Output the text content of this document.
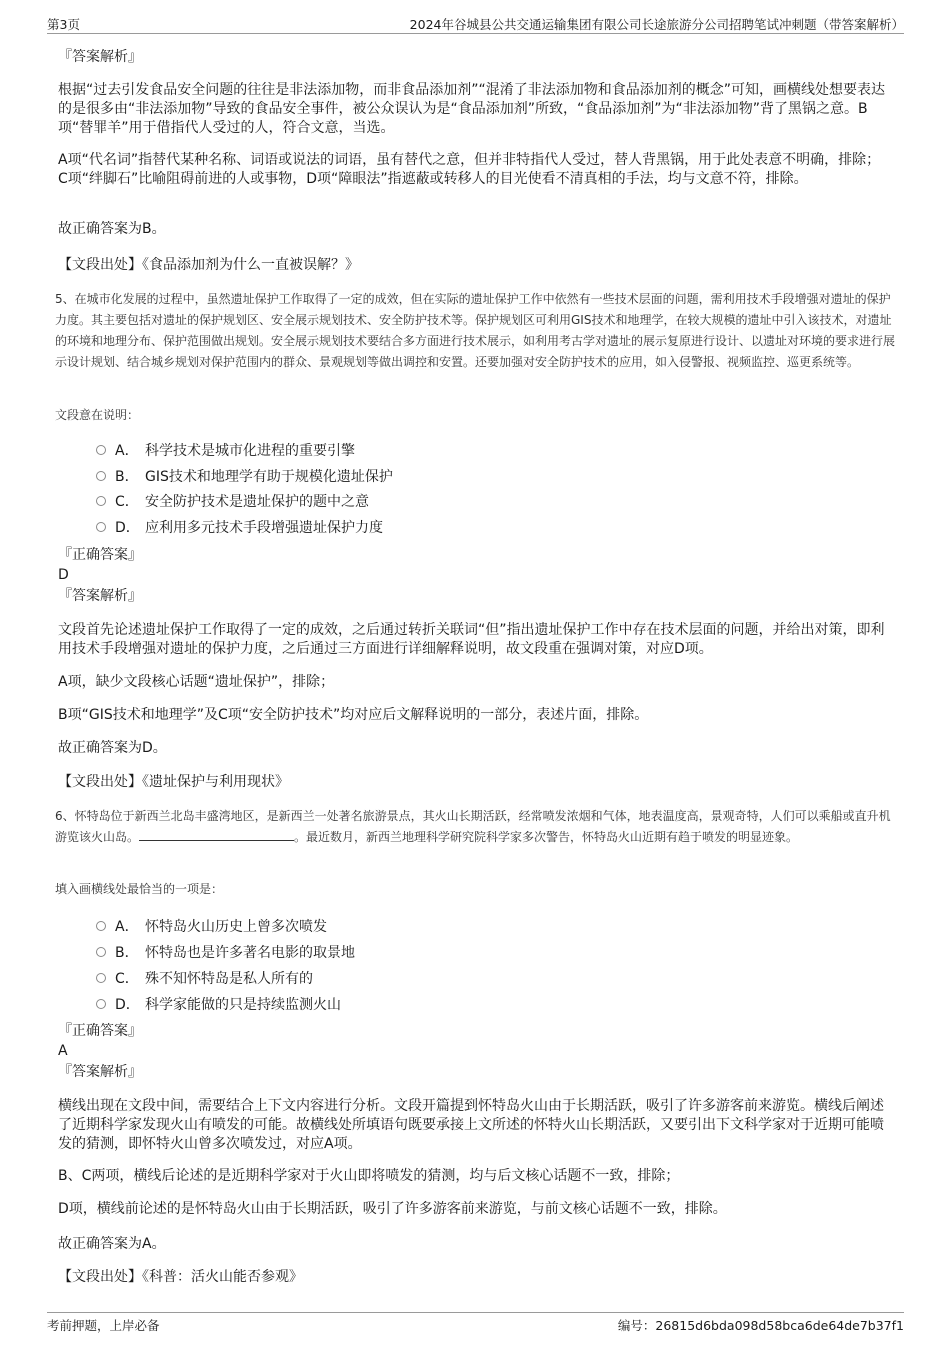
第3页	2024年谷城县公共交通运输集团有限公司长途旅游分公司招聘笔试冲刺题（带答案解析）

『答案解析』

根据“过去引发食品安全问题的往往是非法添加物，而非食品添加剂”“混淆了非法添加物和食品添加剂的概念”可知，画横线处想要表达的是很多由“非法添加物”导致的食品安全事件，被公众误认为是“食品添加剂”所致，“食品添加剂”为“非法添加物”背了黑锅之意。B项“替罪羊”用于借指代人受过的人，符合文意，当选。

A项“代名词”指替代某种名称、词语或说法的词语，虽有替代之意，但并非特指代人受过，替人背黑锅，用于此处表意不明确，排除；C项“绊脚石”比喻阻碍前进的人或事物，D项“障眼法”指遮蔽或转移人的目光使看不清真相的手法，均与文意不符，排除。

故正确答案为B。

【文段出处】《食品添加剂为什么一直被误解？》

5、在城市化发展的过程中，虽然遗址保护工作取得了一定的成效，但在实际的遗址保护工作中依然有一些技术层面的问题，需利用技术手段增强对遗址的保护力度。其主要包括对遗址的保护规划区、安全展示规划技术、安全防护技术等。保护规划区可利用GIS技术和地理学，在较大规模的遗址中引入该技术，对遗址的环境和地理分布、保护范围做出规划。安全展示规划技术要结合多方面进行技术展示，如利用考古学对遗址的展示复原进行设计、以遗址对环境的要求进行展示设计规划、结合城乡规划对保护范围内的群众、景观规划等做出调控和安置。还要加强对安全防护技术的应用，如入侵警报、视频监控、巡更系统等。

文段意在说明：

A． 科学技术是城市化进程的重要引擎
B． GIS技术和地理学有助于规模化遗址保护
C． 安全防护技术是遗址保护的题中之意
D． 应利用多元技术手段增强遗址保护力度

『正确答案』

D

『答案解析』

文段首先论述遗址保护工作取得了一定的成效，之后通过转折关联词“但”指出遗址保护工作中存在技术层面的问题，并给出对策，即利用技术手段增强对遗址的保护力度，之后通过三方面进行详细解释说明，故文段重在强调对策，对应D项。

A项，缺少文段核心话题“遗址保护”，排除；

B项“GIS技术和地理学”及C项“安全防护技术”均对应后文解释说明的一部分，表述片面，排除。

故正确答案为D。

【文段出处】《遗址保护与利用现状》

6、怀特岛位于新西兰北岛丰盛湾地区，是新西兰一处著名旅游景点，其火山长期活跃，经常喷发浓烟和气体，地表温度高，景观奇特，人们可以乘船或直升机游览该火山岛。	。最近数月，新西兰地理科学研究院科学家多次警告，怀特岛火山近期有趋于喷发的明显迹象。

填入画横线处最恰当的一项是：

A． 怀特岛火山历史上曾多次喷发
B． 怀特岛也是许多著名电影的取景地
C． 殊不知怀特岛是私人所有的
D． 科学家能做的只是持续监测火山

『正确答案』

A

『答案解析』

横线出现在文段中间，需要结合上下文内容进行分析。文段开篇提到怀特岛火山由于长期活跃，吸引了许多游客前来游览。横线后阐述了近期科学家发现火山有喷发的可能。故横线处所填语句既要承接上文所述的怀特火山长期活跃，又要引出下文科学家对于近期可能喷发的猜测，即怀特火山曾多次喷发过，对应A项。

B、C两项，横线后论述的是近期科学家对于火山即将喷发的猜测，均与后文核心话题不一致，排除；

D项，横线前论述的是怀特岛火山由于长期活跃，吸引了许多游客前来游览，与前文核心话题不一致，排除。

故正确答案为A。

【文段出处】《科普：活火山能否参观》

考前押题，上岸必备	编号：26815d6bda098d58bca6de64de7b37f1
